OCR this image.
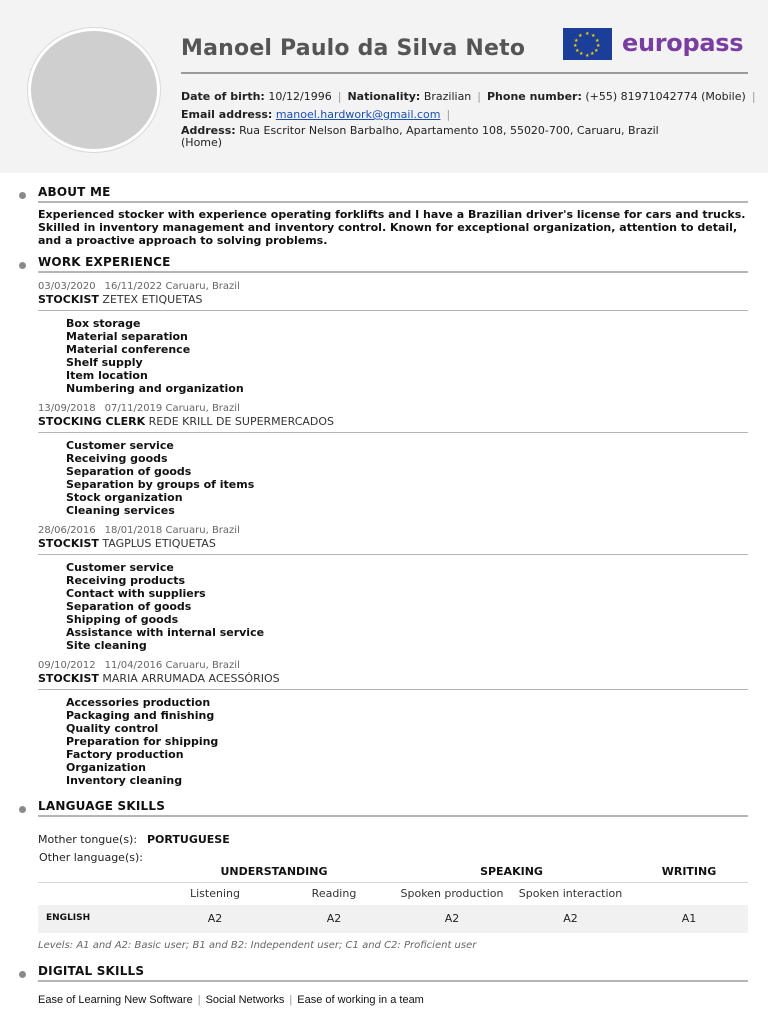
Manoel Paulo da Silva Neto
★ ★
★
★
★
★
★
★
★
★
★
★ europass
Date of birth: 10/12/1996 | Nationality: Brazilian | Phone number: (+55) 81971042774 (Mobile) |
Email address: manoel.hardwork@gmail.com |
Address: Rua Escritor Nelson Barbalho, Apartamento 108, 55020-700, Caruaru, Brazil
(Home)
ABOUT ME
Experienced stocker with experience operating forklifts and I have a Brazilian driver's license for cars and trucks. Skilled in inventory management and inventory control. Known for exceptional organization, attention to detail, and a proactive approach to solving problems.
WORK EXPERIENCE
03/03/2020 16/11/2022 Caruaru, Brazil
STOCKIST ZETEX ETIQUETAS
Box storage
Material separation
Material conference
Shelf supply
Item location
Numbering and organization
13/09/2018 07/11/2019 Caruaru, Brazil
STOCKING CLERK REDE KRILL DE SUPERMERCADOS
Customer service
Receiving goods
Separation of goods
Separation by groups of items
Stock organization
Cleaning services
28/06/2016 18/01/2018 Caruaru, Brazil
STOCKIST TAGPLUS ETIQUETAS
Customer service
Receiving products
Contact with suppliers
Separation of goods
Shipping of goods
Assistance with internal service
Site cleaning
09/10/2012 11/04/2016 Caruaru, Brazil
STOCKIST MARIA ARRUMADA ACESSÓRIOS
Accessories production
Packaging and finishing
Quality control
Preparation for shipping
Factory production
Organization
Inventory cleaning
LANGUAGE SKILLS
Mother tongue(s): PORTUGUESE
Other language(s):
UNDERSTANDING	SPEAKING	WRITING
Listening	Reading	Spoken production	Spoken interaction
ENGLISH	A2	A2	A2	A2	A1
Levels: A1 and A2: Basic user; B1 and B2: Independent user; C1 and C2: Proficient user
DIGITAL SKILLS
Ease of Learning New Software | Social Networks | Ease of working in a team
